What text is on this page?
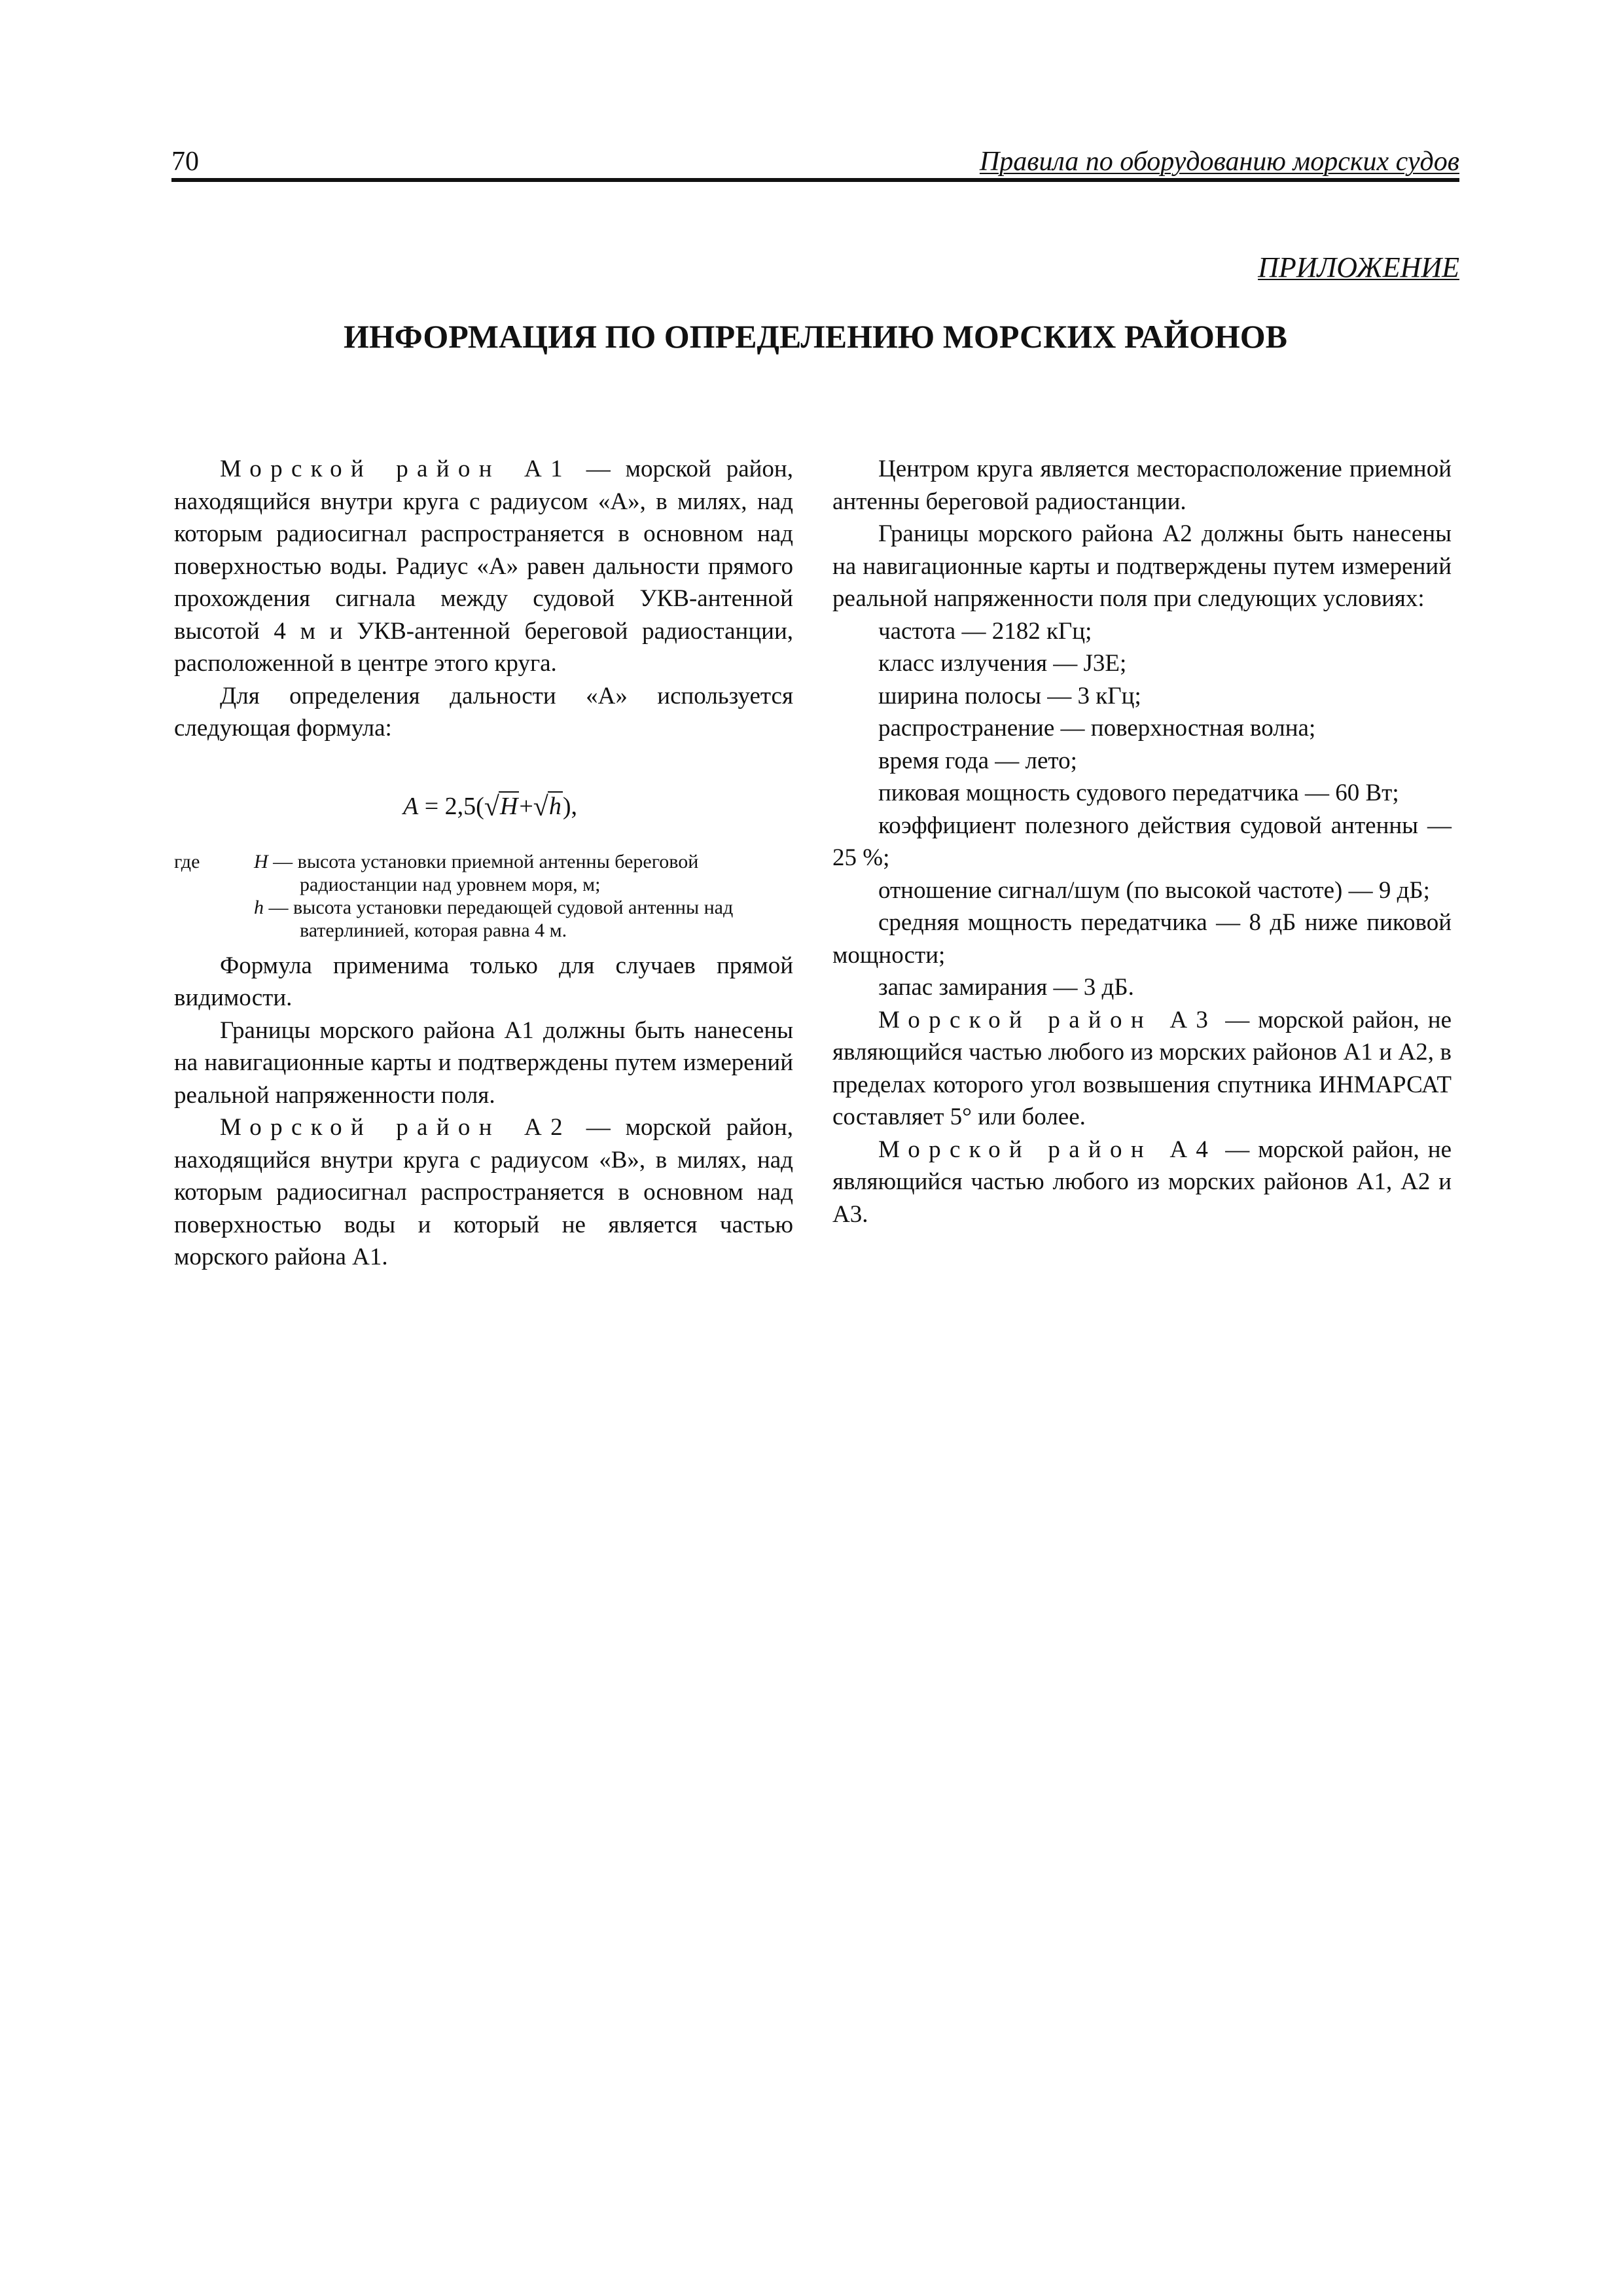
70	Правила по оборудованию морских судов
ПРИЛОЖЕНИЕ
ИНФОРМАЦИЯ ПО ОПРЕДЕЛЕНИЮ МОРСКИХ РАЙОНОВ

Морской район А1 — морской район, находящийся внутри круга с радиусом «А», в милях, над которым радиосигнал распространяется в основном над поверхностью воды. Радиус «А» равен дальности прямого прохождения сигнала между судовой УКВ-антенной высотой 4 м и УКВ-антенной береговой радиостанции, расположенной в центре этого круга.

Для определения дальности «А» используется следующая формула:

A = 2,5(√H+√h),
где	H — высота установки приемной антенны береговой радиостанции над уровнем моря, м;
h — высота установки передающей судовой антенны над ватерлинией, которая равна 4 м.

Формула применима только для случаев прямой видимости.

Границы морского района А1 должны быть нанесены на навигационные карты и подтверждены путем измерений реальной напряженности поля.

Морской район А2 — морской район, находящийся внутри круга с радиусом «В», в милях, над которым радиосигнал распространяется в основном над поверхностью воды и который не является частью морского района А1.

Центром круга является месторасположение приемной антенны береговой радиостанции.

Границы морского района А2 должны быть нанесены на навигационные карты и подтверждены путем измерений реальной напряженности поля при следующих условиях:

частота — 2182 кГц;

класс излучения — J3E;

ширина полосы — 3 кГц;

распространение — поверхностная волна;

время года — лето;

пиковая мощность судового передатчика — 60 Вт;

коэффициент полезного действия судовой антенны — 25 %;

отношение сигнал/шум (по высокой частоте) — 9 дБ;

средняя мощность передатчика — 8 дБ ниже пиковой мощности;

запас замирания — 3 дБ.

Морской район А3 — морской район, не являющийся частью любого из морских районов А1 и А2, в пределах которого угол возвышения спутника ИНМАРСАТ составляет 5° или более.

Морской район А4 — морской район, не являющийся частью любого из морских районов А1, А2 и А3.
